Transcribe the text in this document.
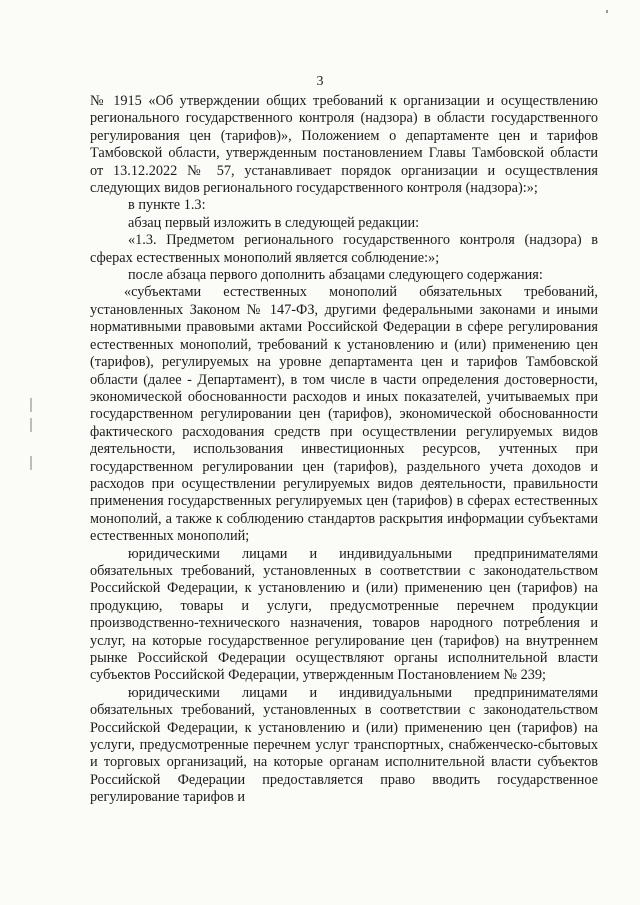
3

№ 1915 «Об утверждении общих требований к организации и осуществлению регионального государственного контроля (надзора) в области государственного регулирования цен (тарифов)», Положением о департаменте цен и тарифов Тамбовской области, утвержденным постановлением Главы Тамбовской области от 13.12.2022 № 57, устанавливает порядок организации и осуществления следующих видов регионального государственного контроля (надзора):»;

в пункте 1.3:

абзац первый изложить в следующей редакции:

«1.3. Предметом регионального государственного контроля (надзора) в сферах естественных монополий является соблюдение:»;

после абзаца первого дополнить абзацами следующего содержания:

«субъектами естественных монополий обязательных требований, установленных Законом № 147-ФЗ, другими федеральными законами и иными нормативными правовыми актами Российской Федерации в сфере регулирования естественных монополий, требований к установлению и (или) применению цен (тарифов), регулируемых на уровне департамента цен и тарифов Тамбовской области (далее - Департамент), в том числе в части определения достоверности, экономической обоснованности расходов и иных показателей, учитываемых при государственном регулировании цен (тарифов), экономической обоснованности фактического расходования средств при осуществлении регулируемых видов деятельности, использования инвестиционных ресурсов, учтенных при государственном регулировании цен (тарифов), раздельного учета доходов и расходов при осуществлении регулируемых видов деятельности, правильности применения государственных регулируемых цен (тарифов) в сферах естественных монополий, а также к соблюдению стандартов раскрытия информации субъектами естественных монополий;

юридическими лицами и индивидуальными предпринимателями обязательных требований, установленных в соответствии с законодательством Российской Федерации, к установлению и (или) применению цен (тарифов) на продукцию, товары и услуги, предусмотренные перечнем продукции производственно-технического назначения, товаров народного потребления и услуг, на которые государственное регулирование цен (тарифов) на внутреннем рынке Российской Федерации осуществляют органы исполнительной власти субъектов Российской Федерации, утвержденным Постановлением № 239;

юридическими лицами и индивидуальными предпринимателями обязательных требований, установленных в соответствии с законодательством Российской Федерации, к установлению и (или) применению цен (тарифов) на услуги, предусмотренные перечнем услуг транспортных, снабженческо-сбытовых и торговых организаций, на которые органам исполнительной власти субъектов Российской Федерации предоставляется право вводить государственное регулирование тарифов и
